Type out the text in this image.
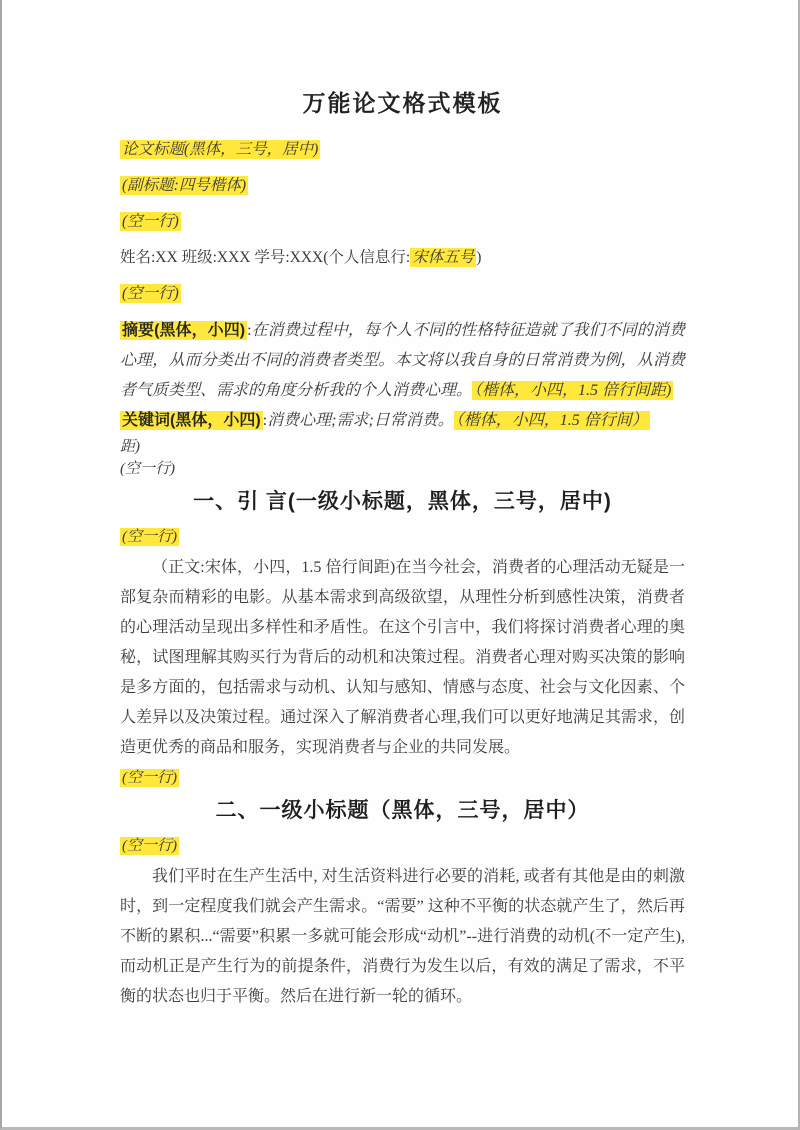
万能论文格式模板
论文标题(黑体，三号，居中)
(副标题:四号楷体)
(空一行)
姓名:XX 班级:XXX 学号:XXX(个人信息行: 宋体五号 )
(空一行)

摘要(黑体，小四) :在消费过程中，每个人不同的性格特征造就了我们不同的消费心理，从而分类出不同的消费者类型。本文将以我自身的日常消费为例，从消费者气质类型、需求的角度分析我的个人消费心理。 （楷体，小四，1.5 倍行间距)

关键词(黑体，小四) :消费心理;需求;日常消费。 （楷体，小四，1.5 倍行间）

距)
(空一行)
一、引 言(一级小标题，黑体，三号，居中)
(空一行)

（正文:宋体，小四，1.5 倍行间距)在当今社会，消费者的心理活动无疑是一部复杂而精彩的电影。从基本需求到高级欲望，从理性分析到感性决策，消费者的心理活动呈现出多样性和矛盾性。在这个引言中，我们将探讨消费者心理的奥秘，试图理解其购买行为背后的动机和决策过程。消费者心理对购买决策的影响是多方面的，包括需求与动机、认知与感知、情感与态度、社会与文化因素、个人差异以及决策过程。通过深入了解消费者心理,我们可以更好地满足其需求，创造更优秀的商品和服务，实现消费者与企业的共同发展。

(空一行)
二、一级小标题（黑体，三号，居中）
(空一行)

我们平时在生产生活中, 对生活资料进行必要的消耗, 或者有其他是由的刺激时，到一定程度我们就会产生需求。“需要” 这种不平衡的状态就产生了，然后再不断的累积...“需要”积累一多就可能会形成“动机”--进行消费的动机(不一定产生),而动机正是产生行为的前提条件，消费行为发生以后，有效的满足了需求，不平衡的状态也归于平衡。然后在进行新一轮的循环。
